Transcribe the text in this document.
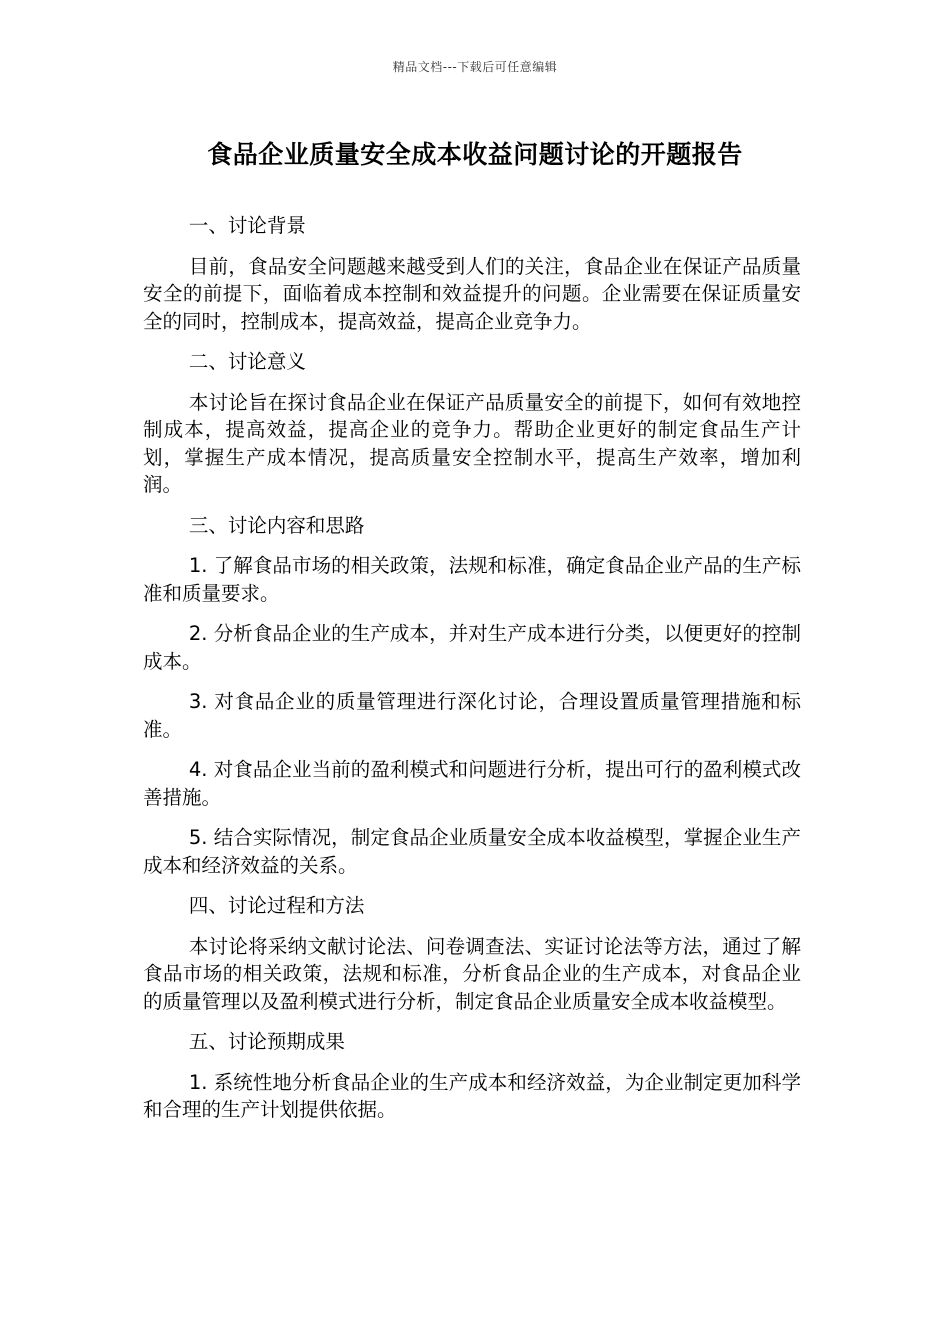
精品文档---下载后可任意编辑
食品企业质量安全成本收益问题讨论的开题报告

一、讨论背景

目前，食品安全问题越来越受到人们的关注，食品企业在保证产品质量安全的前提下，面临着成本控制和效益提升的问题。企业需要在保证质量安全的同时，控制成本，提高效益，提高企业竞争力。

二、讨论意义

本讨论旨在探讨食品企业在保证产品质量安全的前提下，如何有效地控制成本，提高效益，提高企业的竞争力。帮助企业更好的制定食品生产计划，掌握生产成本情况，提高质量安全控制水平，提高生产效率，增加利润。

三、讨论内容和思路

1. 了解食品市场的相关政策，法规和标准，确定食品企业产品的生产标准和质量要求。

2. 分析食品企业的生产成本，并对生产成本进行分类，以便更好的控制成本。

3. 对食品企业的质量管理进行深化讨论，合理设置质量管理措施和标准。

4. 对食品企业当前的盈利模式和问题进行分析，提出可行的盈利模式改善措施。

5. 结合实际情况，制定食品企业质量安全成本收益模型，掌握企业生产成本和经济效益的关系。

四、讨论过程和方法

本讨论将采纳文献讨论法、问卷调查法、实证讨论法等方法，通过了解食品市场的相关政策，法规和标准，分析食品企业的生产成本，对食品企业的质量管理以及盈利模式进行分析，制定食品企业质量安全成本收益模型。

五、讨论预期成果

1. 系统性地分析食品企业的生产成本和经济效益，为企业制定更加科学和合理的生产计划提供依据。
